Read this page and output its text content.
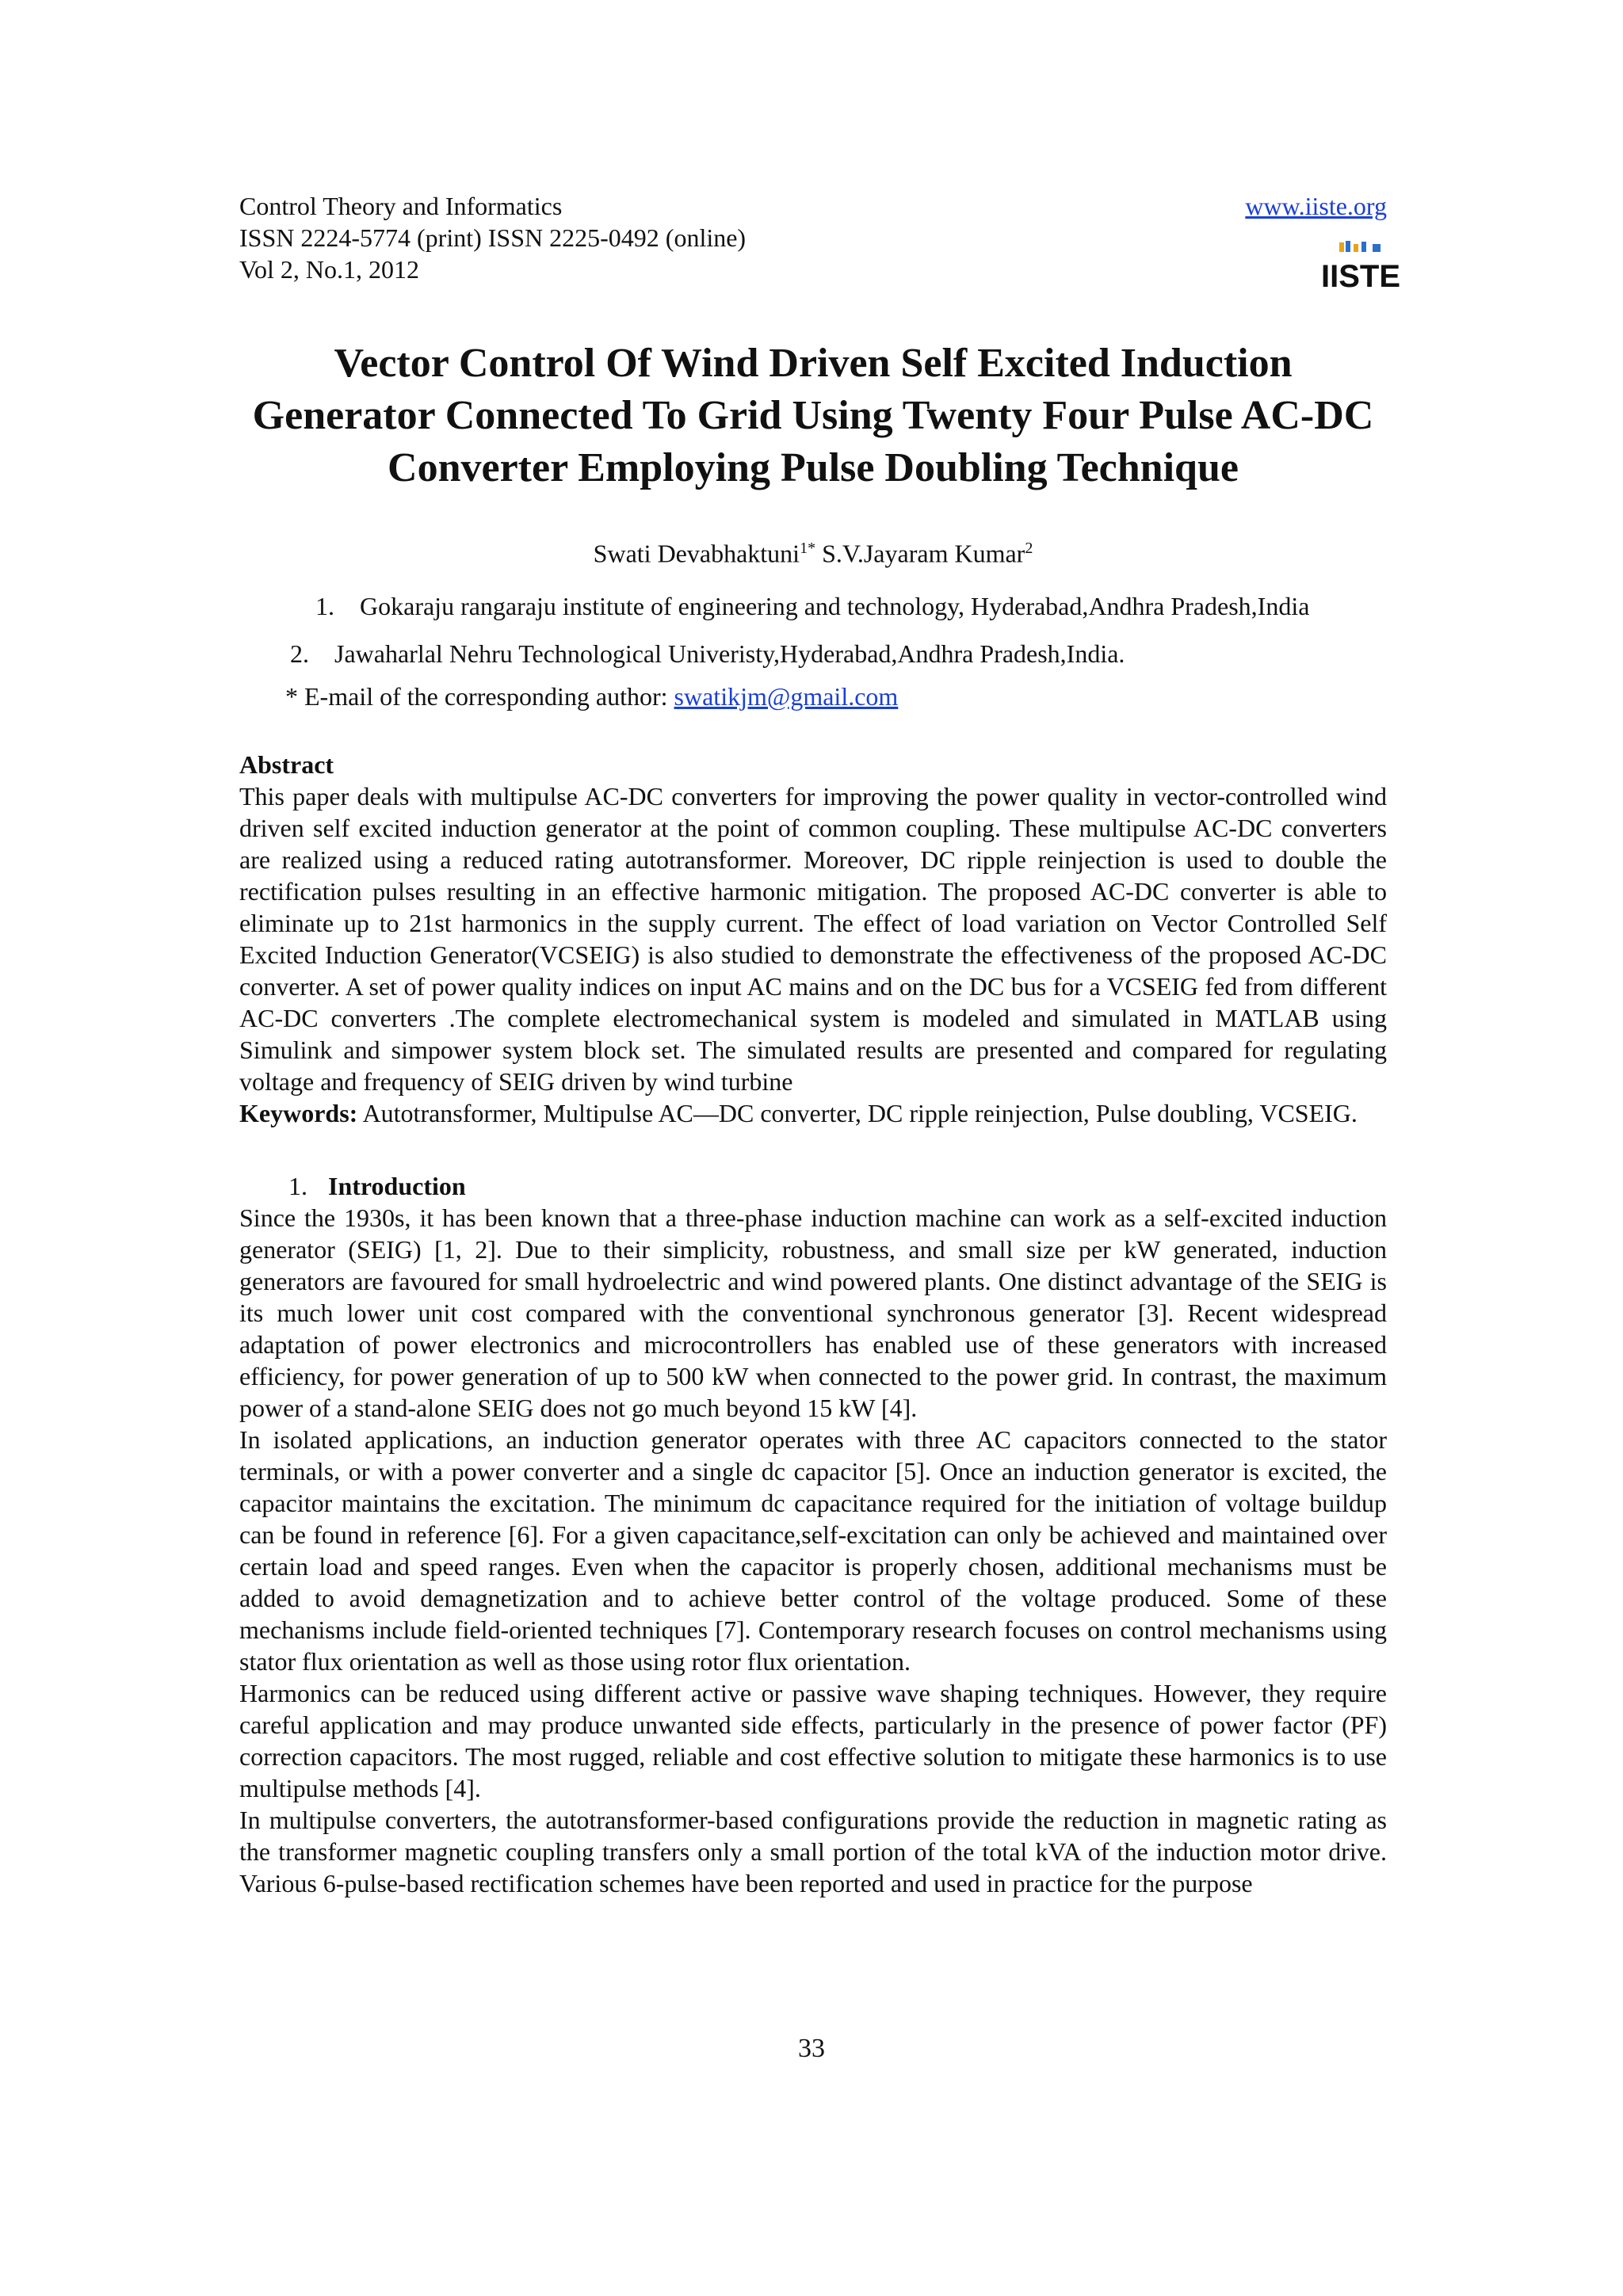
Control Theory and Informatics
ISSN 2224-5774 (print) ISSN 2225-0492 (online)
Vol 2, No.1, 2012
www.iiste.org
IISTE
Vector Control Of Wind Driven Self Excited Induction Generator Connected To Grid Using Twenty Four Pulse AC-DC Converter Employing Pulse Doubling Technique
Swati Devabhaktuni$^{1*}$ S.V.Jayaram Kumar$^2$
1. Gokaraju rangaraju institute of engineering and technology, Hyderabad,Andhra Pradesh,India
2. Jawaharlal Nehru Technological Univeristy,Hyderabad,Andhra Pradesh,India.
* E-mail of the corresponding author: swatikjm@gmail.com
Abstract
This paper deals with multipulse AC-DC converters for improving the power quality in vector-controlled wind driven self excited induction generator at the point of common coupling. These multipulse AC-DC converters are realized using a reduced rating autotransformer. Moreover, DC ripple reinjection is used to double the rectification pulses resulting in an effective harmonic mitigation. The proposed AC-DC converter is able to eliminate up to 21st harmonics in the supply current. The effect of load variation on Vector Controlled Self Excited Induction Generator(VCSEIG) is also studied to demonstrate the effectiveness of the proposed AC-DC converter. A set of power quality indices on input AC mains and on the DC bus for a VCSEIG fed from different AC-DC converters .The complete electromechanical system is modeled and simulated in MATLAB using Simulink and simpower system block set. The simulated results are presented and compared for regulating voltage and frequency of SEIG driven by wind turbine
Keywords: Autotransformer, Multipulse AC—DC converter, DC ripple reinjection, Pulse doubling, VCSEIG.
1. Introduction
Since the 1930s, it has been known that a three-phase induction machine can work as a self-excited induction generator (SEIG) [1, 2]. Due to their simplicity, robustness, and small size per kW generated, induction generators are favoured for small hydroelectric and wind powered plants. One distinct advantage of the SEIG is its much lower unit cost compared with the conventional synchronous generator [3]. Recent widespread adaptation of power electronics and microcontrollers has enabled use of these generators with increased efficiency, for power generation of up to 500 kW when connected to the power grid. In contrast, the maximum power of a stand-alone SEIG does not go much beyond 15 kW [4].
In isolated applications, an induction generator operates with three AC capacitors connected to the stator terminals, or with a power converter and a single dc capacitor [5]. Once an induction generator is excited, the capacitor maintains the excitation. The minimum dc capacitance required for the initiation of voltage buildup can be found in reference [6]. For a given capacitance,self-excitation can only be achieved and maintained over certain load and speed ranges. Even when the capacitor is properly chosen, additional mechanisms must be added to avoid demagnetization and to achieve better control of the voltage produced. Some of these mechanisms include field-oriented techniques [7]. Contemporary research focuses on control mechanisms using stator flux orientation as well as those using rotor flux orientation.
Harmonics can be reduced using different active or passive wave shaping techniques. However, they require careful application and may produce unwanted side effects, particularly in the presence of power factor (PF) correction capacitors. The most rugged, reliable and cost effective solution to mitigate these harmonics is to use multipulse methods [4].
In multipulse converters, the autotransformer-based configurations provide the reduction in magnetic rating as the transformer magnetic coupling transfers only a small portion of the total kVA of the induction motor drive. Various 6-pulse-based rectification schemes have been reported and used in practice for the purpose
33
